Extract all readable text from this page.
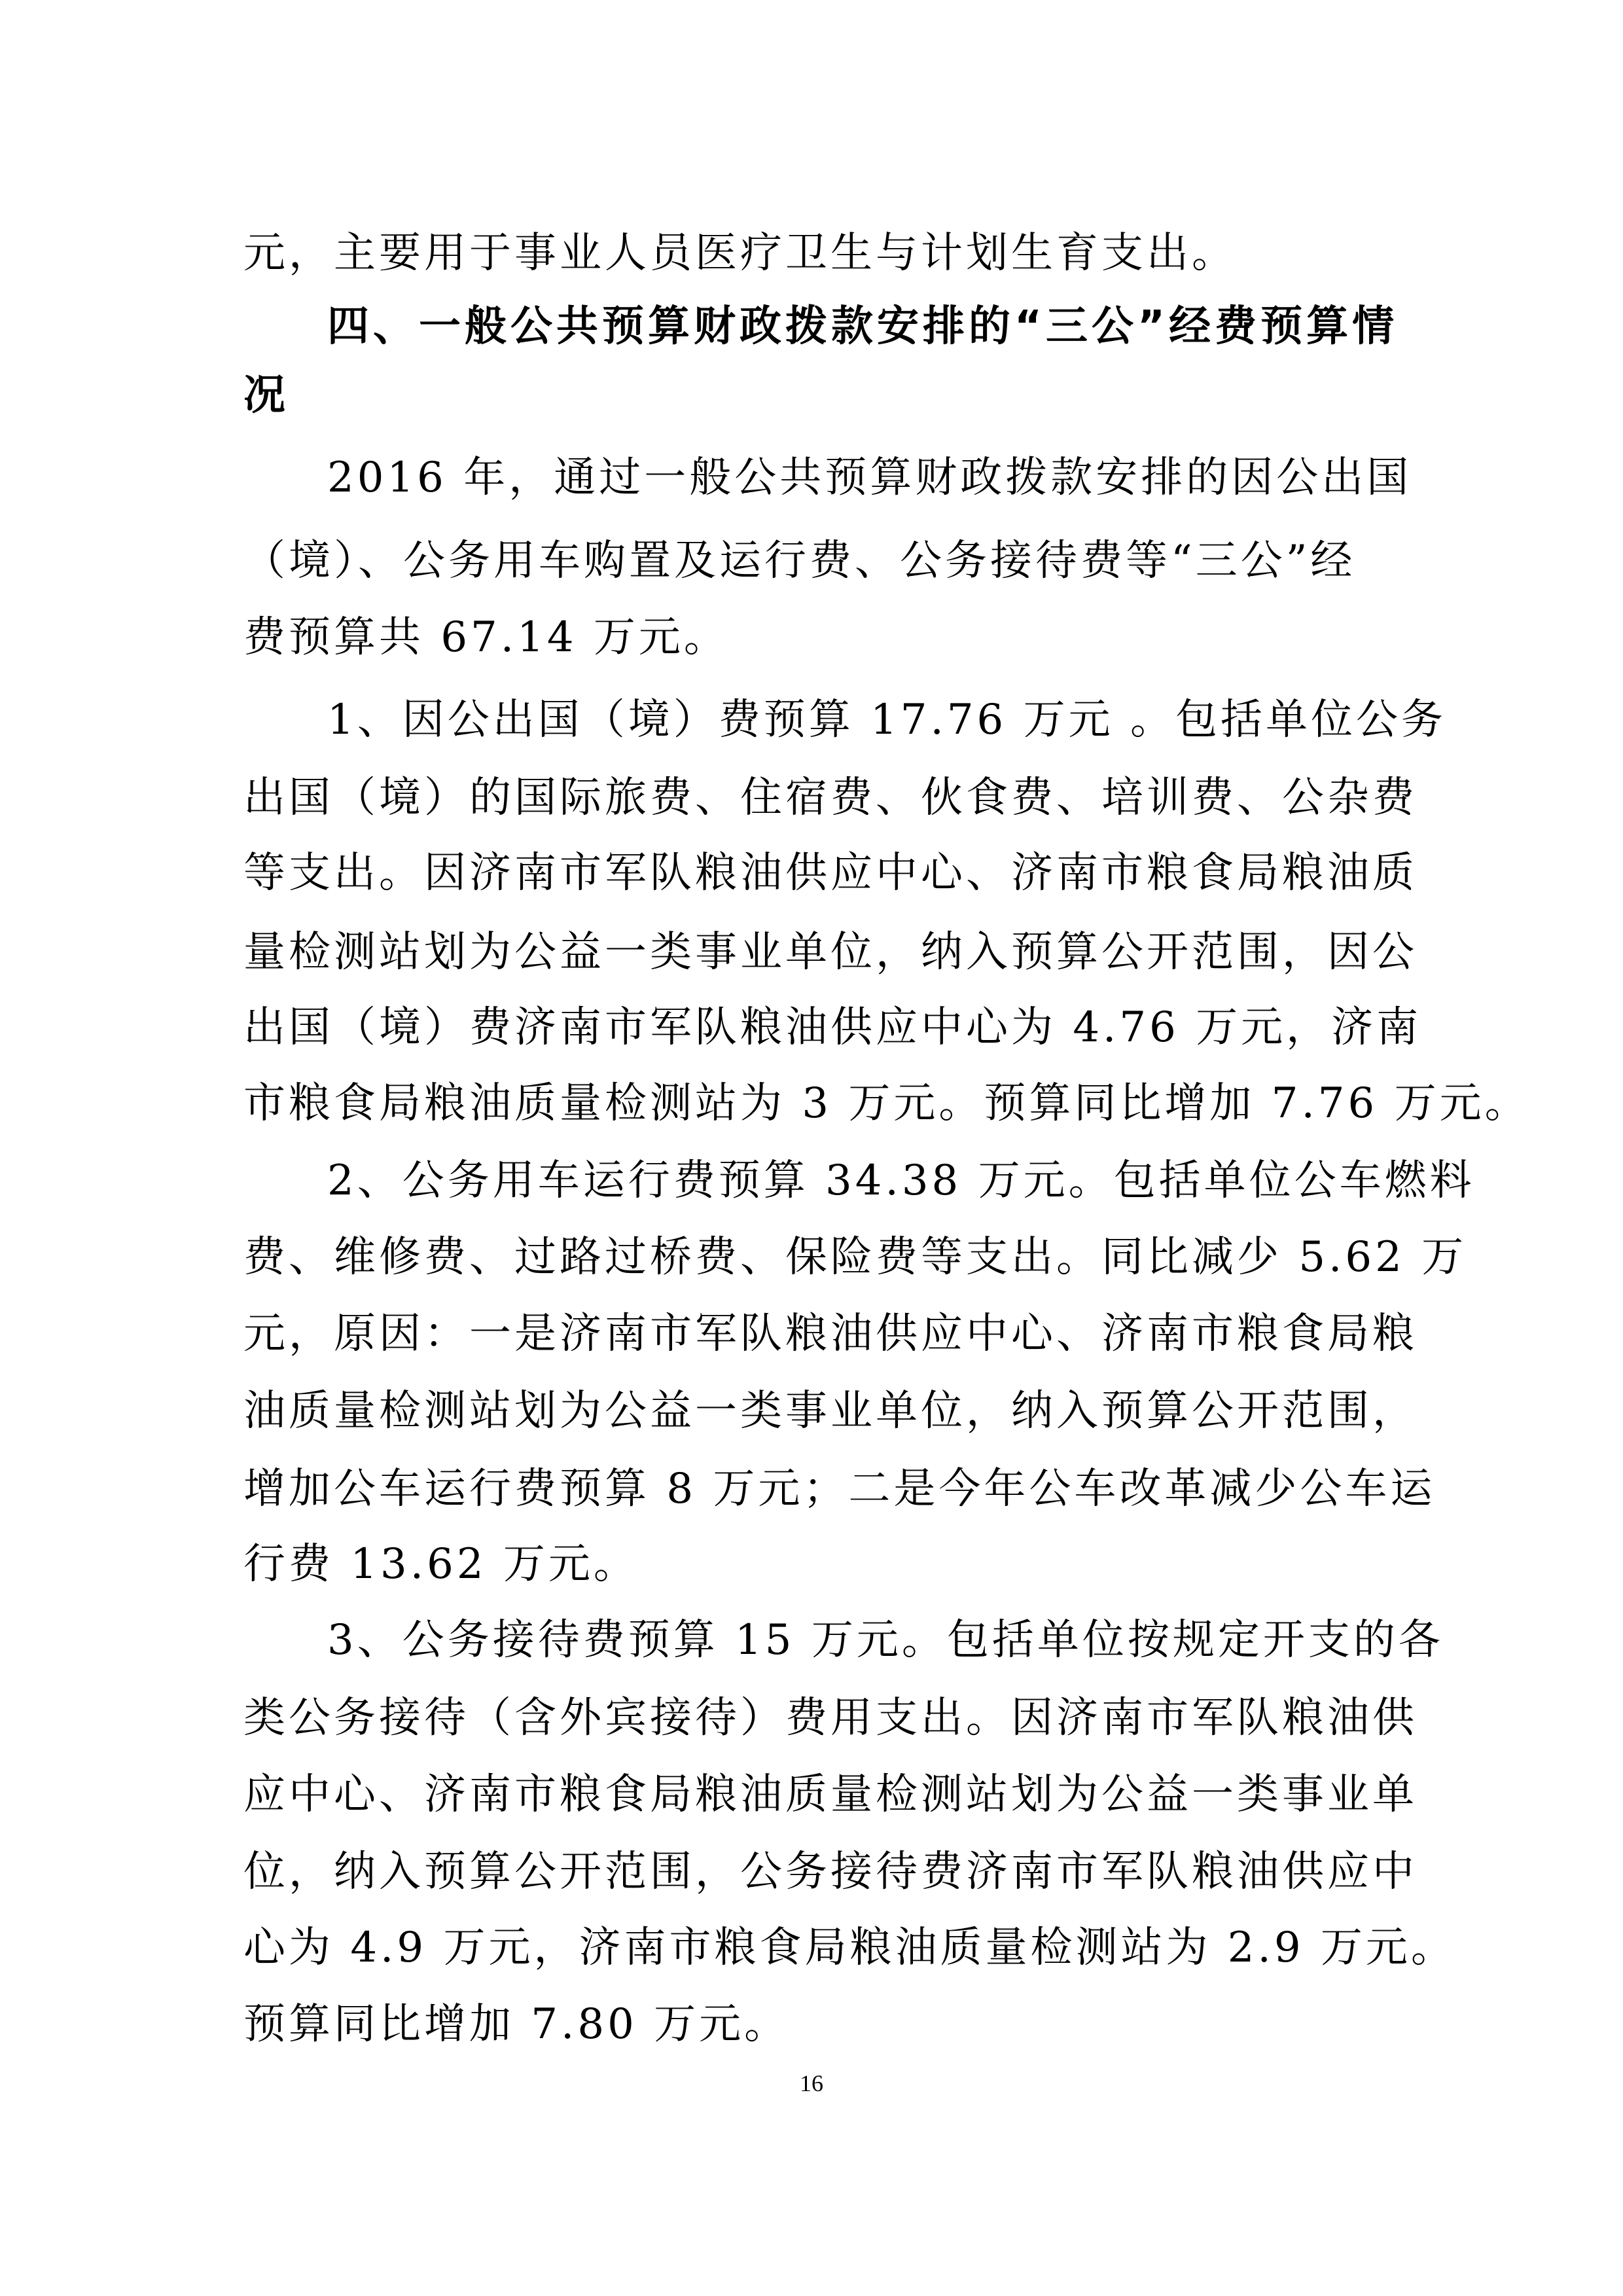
元，主要用于事业人员医疗卫生与计划生育支出。
四、一般公共预算财政拨款安排的“三公”经费预算情
况
2016 年，通过一般公共预算财政拨款安排的因公出国
（境）、公务用车购置及运行费、公务接待费等“三公”经
费预算共 67.14 万元。
1、因公出国（境）费预算 17.76 万元 。包括单位公务
出国（境）的国际旅费、住宿费、伙食费、培训费、公杂费
等支出。因济南市军队粮油供应中心、济南市粮食局粮油质
量检测站划为公益一类事业单位，纳入预算公开范围，因公
出国（境）费济南市军队粮油供应中心为 4.76 万元，济南
市粮食局粮油质量检测站为 3 万元。预算同比增加 7.76 万元。
2、公务用车运行费预算 34.38 万元。包括单位公车燃料
费、维修费、过路过桥费、保险费等支出。同比减少 5.62 万
元，原因：一是济南市军队粮油供应中心、济南市粮食局粮
油质量检测站划为公益一类事业单位，纳入预算公开范围，
增加公车运行费预算 8 万元；二是今年公车改革减少公车运
行费 13.62 万元。
3、公务接待费预算 15 万元。包括单位按规定开支的各
类公务接待（含外宾接待）费用支出。因济南市军队粮油供
应中心、济南市粮食局粮油质量检测站划为公益一类事业单
位，纳入预算公开范围，公务接待费济南市军队粮油供应中
心为 4.9 万元，济南市粮食局粮油质量检测站为 2.9 万元。
预算同比增加 7.80 万元。
16
